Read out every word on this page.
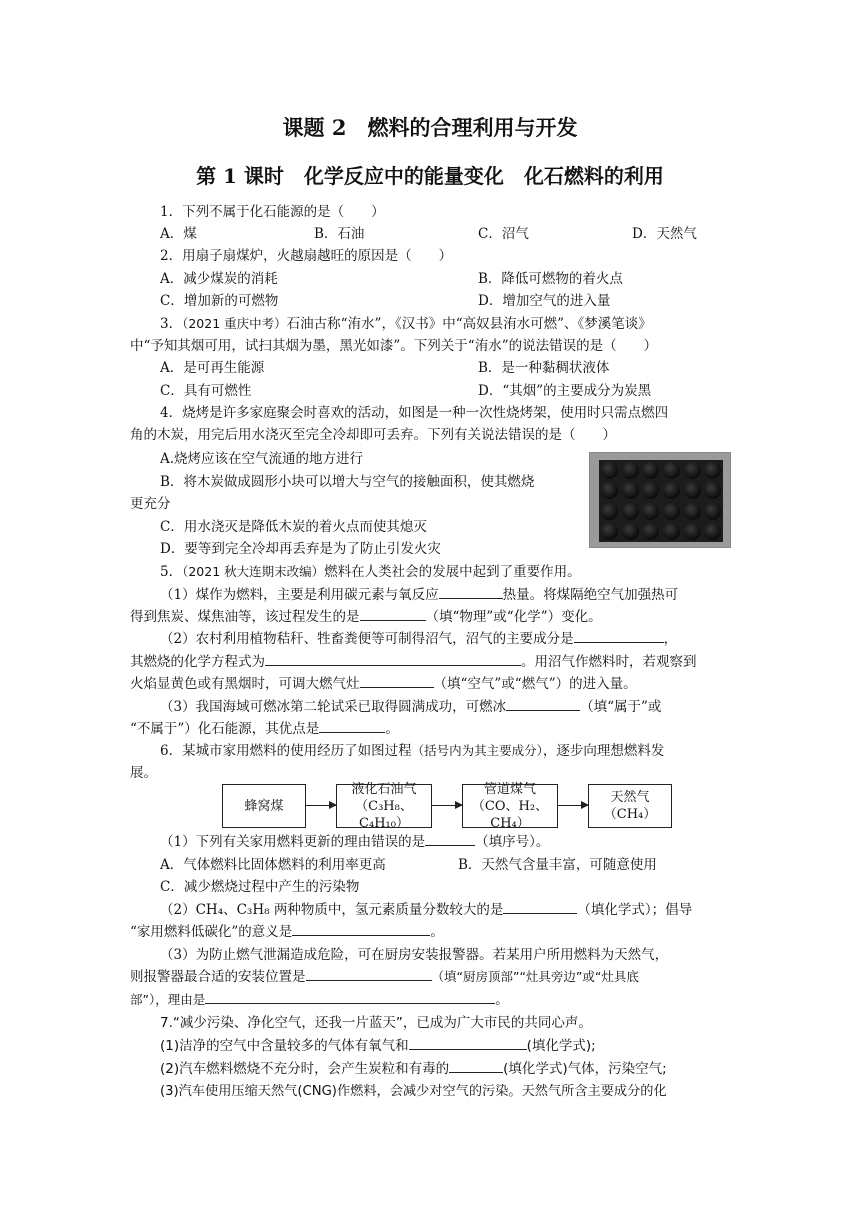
课题 2　燃料的合理利用与开发
第 1 课时　化学反应中的能量变化　化石燃料的利用
1．下列不属于化石能源的是（　　）
A．煤	B．石油	C．沼气	D．天然气
2．用扇子扇煤炉，火越扇越旺的原因是（　　）
A．减少煤炭的消耗	B．降低可燃物的着火点
C．增加新的可燃物	D．增加空气的进入量
3．（2021 重庆中考）石油古称“洧水”，《汉书》中“高奴县洧水可燃”、《梦溪笔谈》
中“予知其烟可用，试扫其烟为墨，黑光如漆”。下列关于“洧水”的说法错误的是（　　）
A．是可再生能源	B．是一种黏稠状液体
C．具有可燃性	D．“其烟”的主要成分为炭黑
4．烧烤是许多家庭聚会时喜欢的活动，如图是一种一次性烧烤架，使用时只需点燃四
角的木炭，用完后用水浇灭至完全冷却即可丢弃。下列有关说法错误的是（　　）
A.烧烤应该在空气流通的地方进行
B．将木炭做成圆形小块可以增大与空气的接触面积，使其燃烧
更充分
C．用水浇灭是降低木炭的着火点而使其熄灭
D．要等到完全冷却再丢弃是为了防止引发火灾
5．（2021 秋大连期末改编）燃料在人类社会的发展中起到了重要作用。
（1）煤作为燃料，主要是利用碳元素与氧反应	热量。将煤隔绝空气加强热可
得到焦炭、煤焦油等，该过程发生的是	（填“物理”或“化学”）变化。
（2）农村利用植物秸秆、牲畜粪便等可制得沼气，沼气的主要成分是	，
其燃烧的化学方程式为	。用沼气作燃料时，若观察到
火焰显黄色或有黑烟时，可调大燃气灶	（填“空气”或“燃气”）的进入量。
（3）我国海域可燃冰第二轮试采已取得圆满成功，可燃冰	（填“属于”或
“不属于”）化石能源，其优点是	。
6．某城市家用燃料的使用经历了如图过程（括号内为其主要成分），逐步向理想燃料发
展。
蜂窝煤
液化石油气
（C₃H₈、C₄H₁₀）
管道煤气
（CO、H₂、CH₄）
天然气
（CH₄）
（1）下列有关家用燃料更新的理由错误的是	（填序号）。
A．气体燃料比固体燃料的利用率更高	B．天然气含量丰富，可随意使用
C．减少燃烧过程中产生的污染物
（2）CH₄、C₃H₈ 两种物质中，氢元素质量分数较大的是	（填化学式）；倡导
“家用燃料低碳化”的意义是	。
（3）为防止燃气泄漏造成危险，可在厨房安装报警器。若某用户所用燃料为天然气，
则报警器最合适的安装位置是	（填“厨房顶部”“灶具旁边”或“灶具底
部”），理由是	。
7.“减少污染、净化空气，还我一片蓝天”，已成为广大市民的共同心声。
(1)洁净的空气中含量较多的气体有氧气和	(填化学式);
(2)汽车燃料燃烧不充分时，会产生炭粒和有毒的	(填化学式)气体，污染空气;
(3)汽车使用压缩天然气(CNG)作燃料，会减少对空气的污染。天然气所含主要成分的化
